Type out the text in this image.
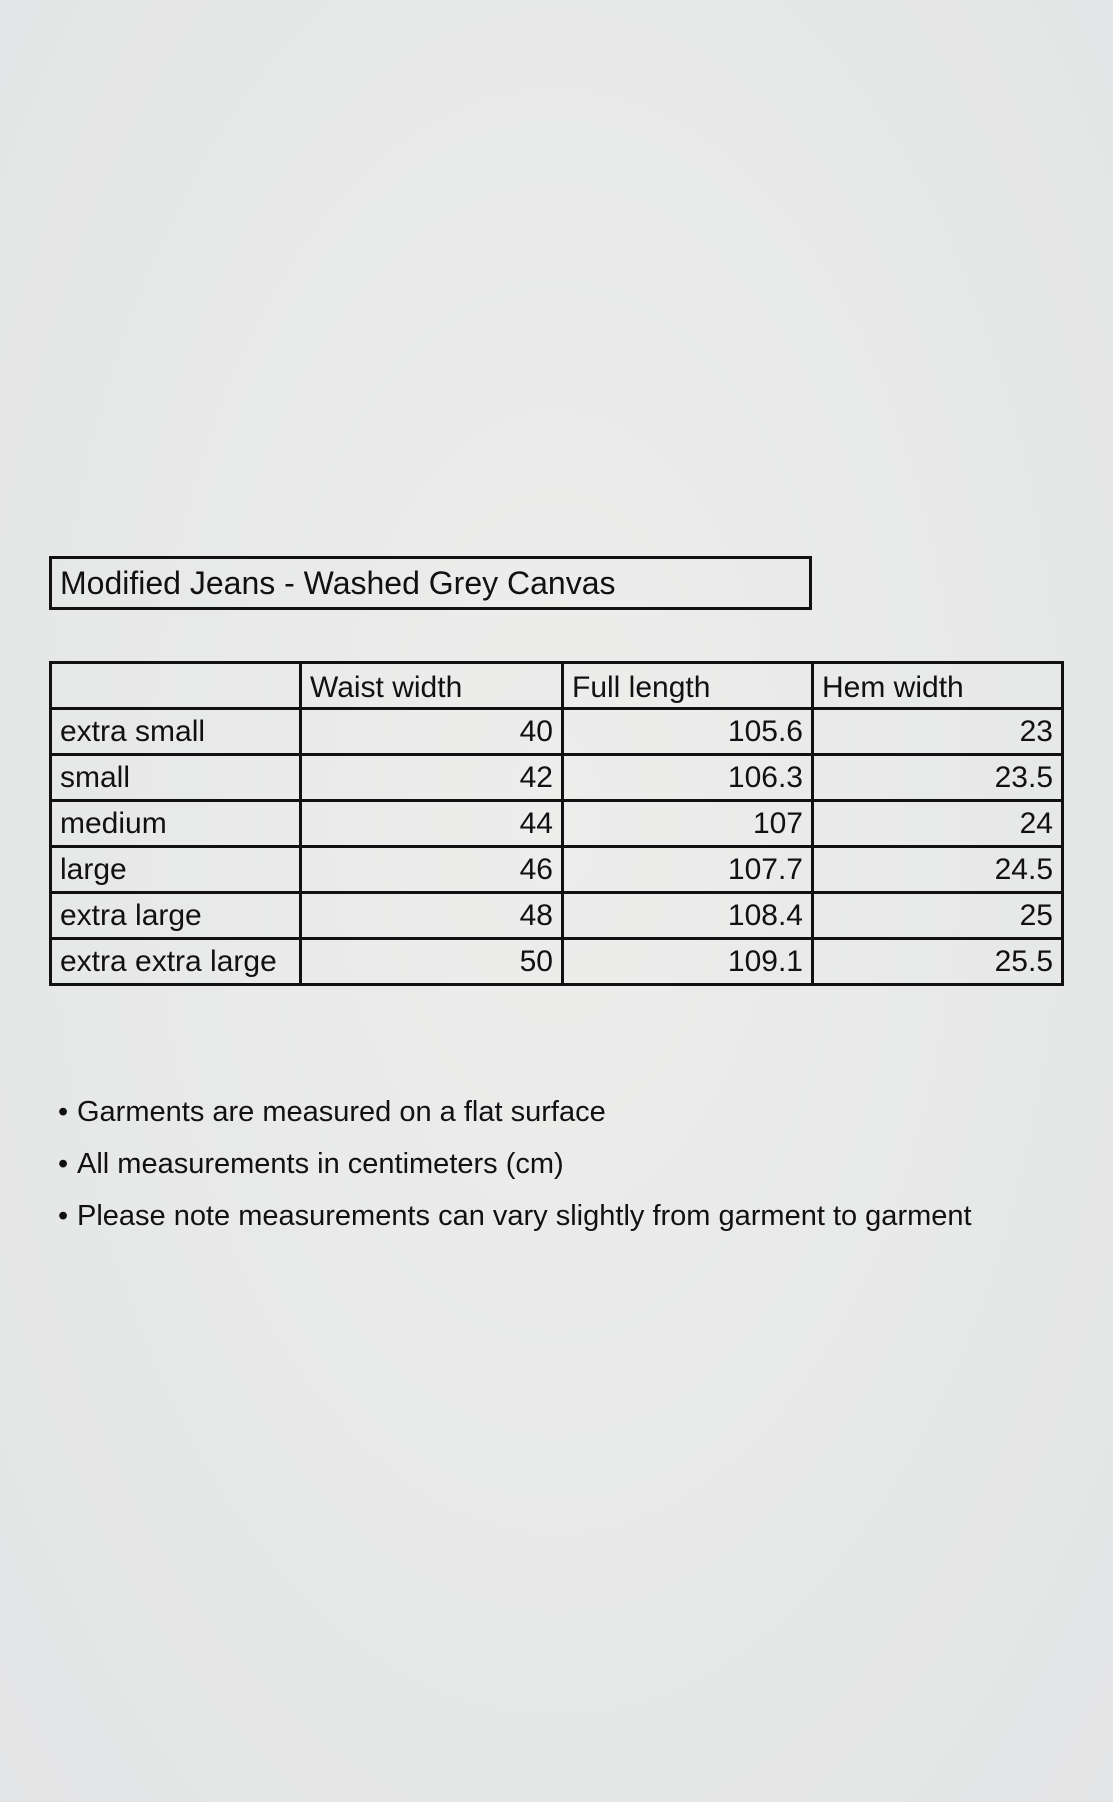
Modified Jeans - Washed Grey Canvas
	Waist width	Full length	Hem width
extra small	40	105.6	23
small	42	106.3	23.5
medium	44	107	24
large	46	107.7	24.5
extra large	48	108.4	25
extra extra large	50	109.1	25.5
• Garments are measured on a flat surface
• All measurements in centimeters (cm)
• Please note measurements can vary slightly from garment to garment
